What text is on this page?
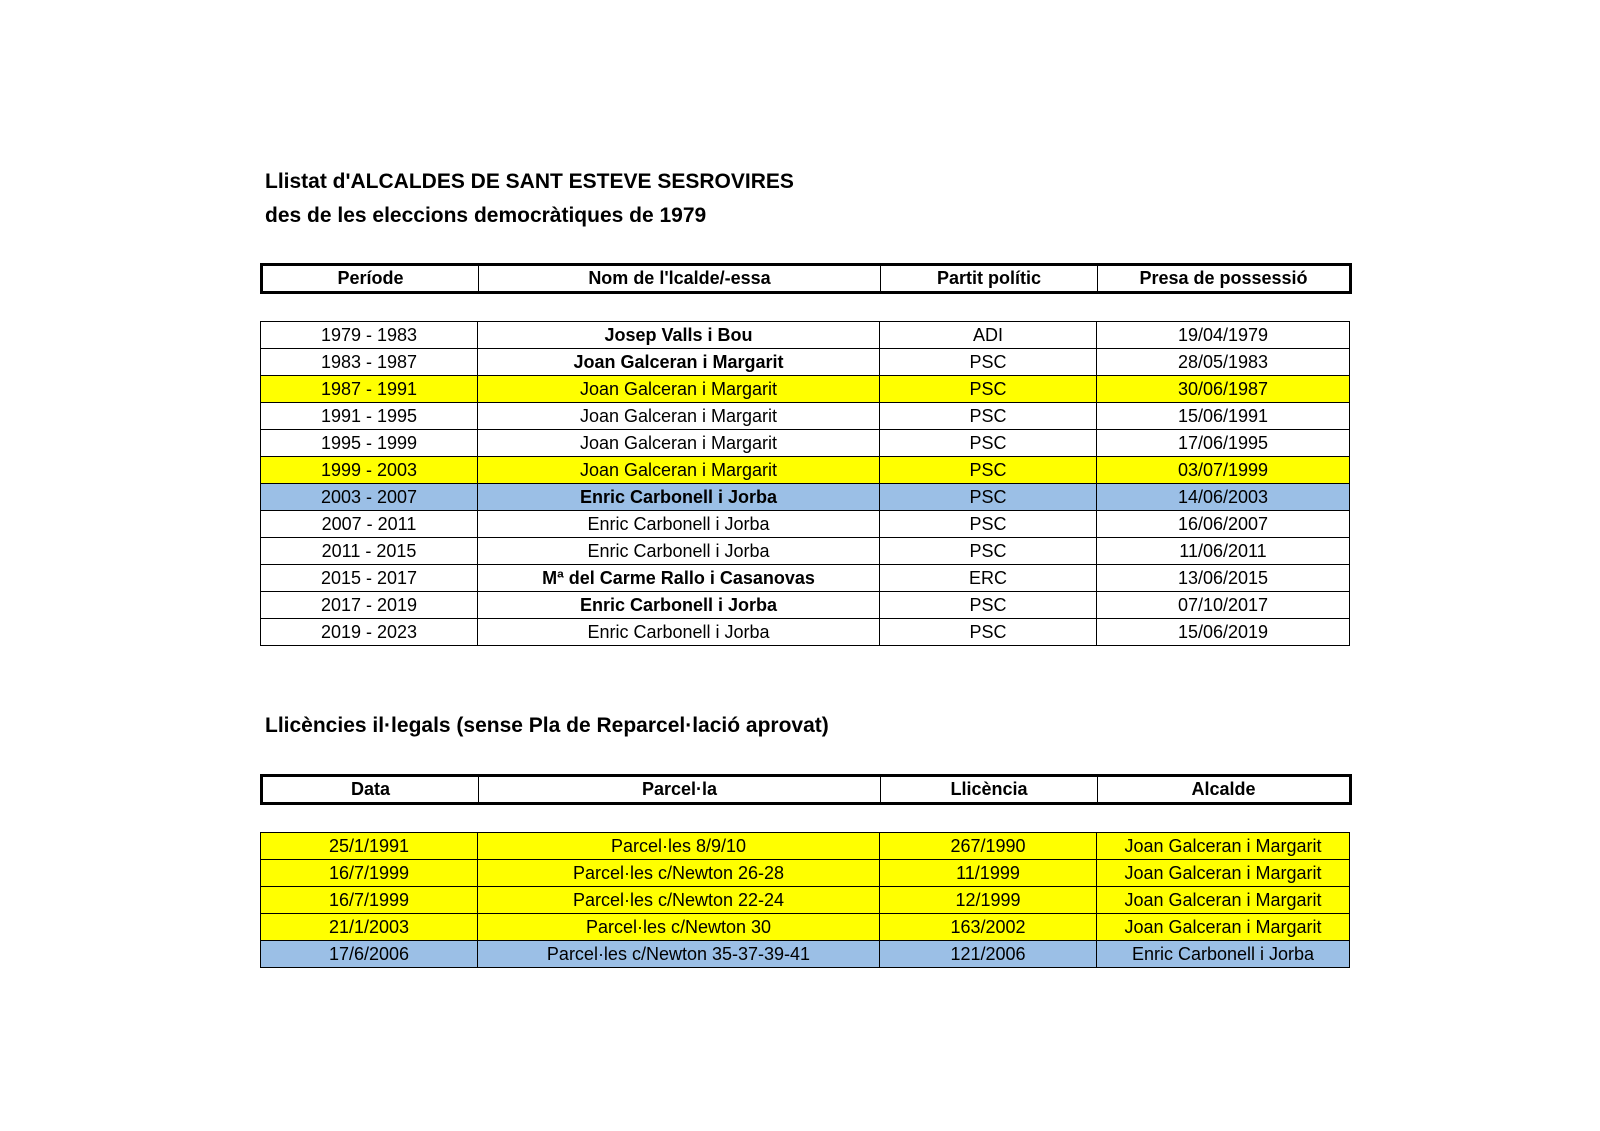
Llistat d'ALCALDES DE SANT ESTEVE SESROVIRES
des de les eleccions democràtiques de 1979
Període	Nom de l'lcalde/-essa	Partit polític	Presa de possessió
1979 - 1983	Josep Valls i Bou	ADI	19/04/1979
1983 - 1987	Joan Galceran i Margarit	PSC	28/05/1983
1987 - 1991	Joan Galceran i Margarit	PSC	30/06/1987
1991 - 1995	Joan Galceran i Margarit	PSC	15/06/1991
1995 - 1999	Joan Galceran i Margarit	PSC	17/06/1995
1999 - 2003	Joan Galceran i Margarit	PSC	03/07/1999
2003 - 2007	Enric Carbonell i Jorba	PSC	14/06/2003
2007 - 2011	Enric Carbonell i Jorba	PSC	16/06/2007
2011 - 2015	Enric Carbonell i Jorba	PSC	11/06/2011
2015 - 2017	Mª del Carme Rallo i Casanovas	ERC	13/06/2015
2017 - 2019	Enric Carbonell i Jorba	PSC	07/10/2017
2019 - 2023	Enric Carbonell i Jorba	PSC	15/06/2019
Llicències il·legals (sense Pla de Reparcel·lació aprovat)
Data	Parcel·la	Llicència	Alcalde
25/1/1991	Parcel·les 8/9/10	267/1990	Joan Galceran i Margarit
16/7/1999	Parcel·les c/Newton 26-28	11/1999	Joan Galceran i Margarit
16/7/1999	Parcel·les c/Newton 22-24	12/1999	Joan Galceran i Margarit
21/1/2003	Parcel·les c/Newton 30	163/2002	Joan Galceran i Margarit
17/6/2006	Parcel·les c/Newton 35-37-39-41	121/2006	Enric Carbonell i Jorba
